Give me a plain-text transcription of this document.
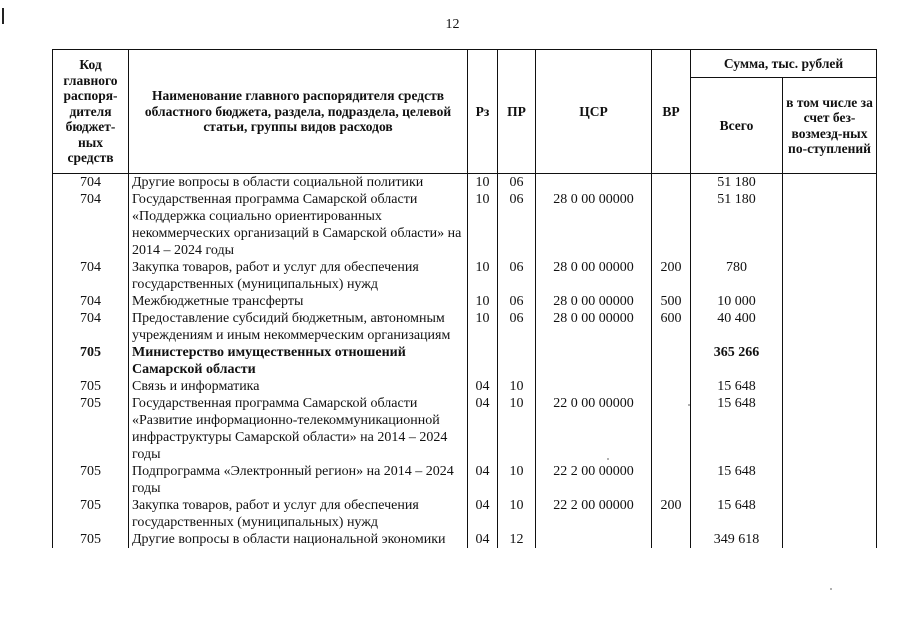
12
Код главного распоря-дителя бюджет-ных средств	Наименование главного распорядителя средств областного бюджета, раздела, подраздела, целевой статьи, группы видов расходов	Рз	ПР	ЦСР	ВР	Сумма, тыс. рублей	
						Всего	в том числе за счет без-возмезд-ных по-ступлений
704	Другие вопросы в области социальной политики	10	06			51 180	
704	Государственная программа Самарской области «Поддержка социально ориентированных некоммерческих организаций в Самарской области» на 2014 – 2024 годы	10	06	28 0 00 00000		51 180	
704	Закупка товаров, работ и услуг для обеспечения государственных (муниципальных) нужд	10	06	28 0 00 00000	200	780	
704	Межбюджетные трансферты	10	06	28 0 00 00000	500	10 000	
704	Предоставление субсидий бюджетным, автономным учреждениям и иным некоммерческим организациям	10	06	28 0 00 00000	600	40 400	
705	Министерство имущественных отношений Самарской области					365 266	
705	Связь и информатика	04	10			15 648	
705	Государственная программа Самарской области «Развитие информационно-телекоммуникационной инфраструктуры Самарской области» на 2014 – 2024 годы	04	10	22 0 00 00000		15 648	
705	Подпрограмма «Электронный регион» на 2014 – 2024 годы	04	10	22 2 00 00000		15 648	
705	Закупка товаров, работ и услуг для обеспечения государственных (муниципальных) нужд	04	10	22 2 00 00000	200	15 648	
705	Другие вопросы в области национальной экономики	04	12			349 618	
